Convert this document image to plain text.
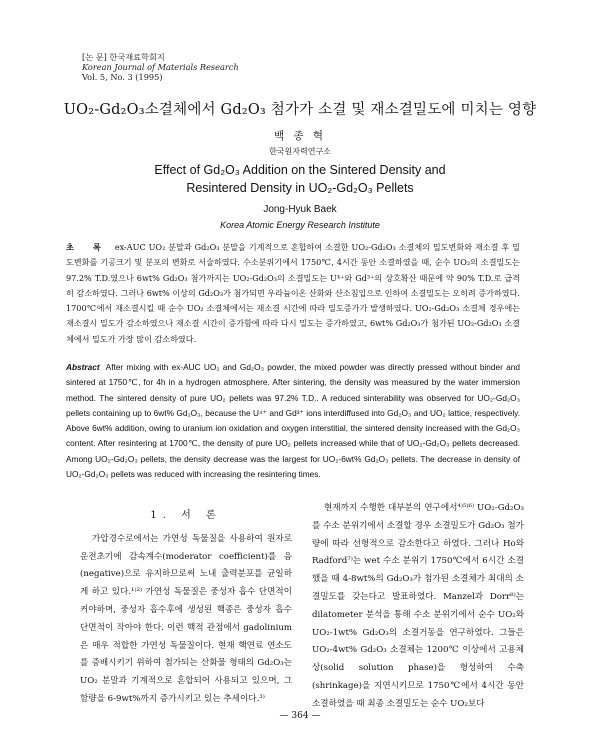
[논 문] 한국재료학회지
Korean Journal of Materials Research
Vol. 5, No. 3 (1995)
UO₂-Gd₂O₃소결체에서 Gd₂O₃ 첨가가 소결 및 재소결밀도에 미치는 영향
백 종 혁
한국원자력연구소
Effect of Gd₂O₃ Addition on the Sintered Density and
Resintered Density in UO₂-Gd₂O₃ Pellets
Jong-Hyuk Baek
Korea Atomic Energy Research Institute
초 록 ex-AUC UO₂ 분말과 Gd₂O₃ 분말을 기계적으로 혼합하여 소결한 UO₂-Gd₂O₃ 소결체의 밀도변화와 재소결 후 밀도변화를 기공크기 및 분포의 변화로 서술하였다. 수소분위기에서 1750℃, 4시간 동안 소결하였을 때, 순수 UO₂의 소결밀도는 97.2% T.D.였으나 6wt% Gd₂O₃ 첨가까지는 UO₂-Gd₂O₃의 소결밀도는 U⁴⁺와 Gd³⁺의 상호확산 때문에 약 90% T.D.로 급격히 감소하였다. 그러나 6wt% 이상의 Gd₂O₃가 첨가되면 우라늄이온 산화와 산소침입으로 인하여 소결밀도는 오히려 증가하였다. 1700℃에서 재소결시킬 때 순수 UO₂ 소결체에서는 재소결 시간에 따라 밀도증가가 발생하였다. UO₂-Gd₂O₃ 소결체 경우에는 재소결시 밀도가 감소하였으나 재소결 시간이 증가함에 따라 다시 밀도는 증가하였고, 6wt% Gd₂O₃가 첨가된 UO₂-Gd₂O₃ 소결체에서 밀도가 가장 많이 감소하였다.
Abstract After mixing with ex-AUC UO₂ and Gd₂O₃ powder, the mixed powder was directly pressed without binder and sintered at 1750℃, for 4h in a hydrogen atmosphere. After sintering, the density was measured by the water immersion method. The sintered density of pure UO₂ pellets was 97.2% T.D.. A reduced sinterability was observed for UO₂-Gd₂O₃ pellets containing up to 6wt% Gd₂O₃, because the U⁴⁺ and Gd³⁺ ions interdiffused into Gd₂O₃ and UO₂ lattice, respectively. Above 6wt% addition, owing to uranium ion oxidation and oxygen interstitial, the sintered density increased with the Gd₂O₃ content. After resintering at 1700℃, the density of pure UO₂ pellets increased while that of UO₂-Gd₂O₃ pellets decreased. Among UO₂-Gd₂O₃ pellets, the density decrease was the largest for UO₂-6wt% Gd₂O₃ pellets. The decrease in density of UO₂-Gd₂O₃ pellets was reduced with increasing the resintering times.
1. 서 론

가압경수로에서는 가연성 독물질을 사용하여 원자로 운전초기에 감속계수(moderator coefficient)를 음(negative)으로 유지하므로써 노내 출력분포를 균일하게 하고 있다.¹⁾²⁾ 가연성 독물질은 중성자 흡수 단면적이 커야하며, 중성자 흡수후에 생성된 핵종은 중성자 흡수 단면적이 작아야 한다. 이런 핵적 관점에서 gadolinium은 매우 적합한 가연성 독물질이다. 현재 핵연료 연소도를 증배시키기 위하여 첨가되는 산화물 형태의 Gd₂O₃는 UO₂ 분말과 기계적으로 혼합되어 사용되고 있으며, 그 함량을 6-9wt%까지 증가시키고 있는 추세이다.³⁾

현재까지 수행한 대부분의 연구에서⁴⁾⁵⁾⁶⁾ UO₂-Gd₂O₃를 수소 분위기에서 소결할 경우 소결밀도가 Gd₂O₃ 첨가량에 따라 선형적으로 감소한다고 하였다. 그러나 Ho와 Radford⁷⁾는 wet 수소 분위기 1750℃에서 6시간 소결했을 때 4-8wt%의 Gd₂O₃가 첨가된 소결체가 최대의 소결밀도를 갖는다고 발표하였다. Manzel과 Dorr⁸⁾는 dilatometer 분석을 통해 수소 분위기에서 순수 UO₂와 UO₂-1wt% Gd₂O₃의 소결거동을 연구하였다. 그들은 UO₂-4wt% Gd₂O₃ 소결체는 1200℃ 이상에서 고용체상(solid solution phase)을 형성하여 수축(shrinkage)을 지연시키므로 1750℃에서 4시간 동안 소결하였을 때 최종 소결밀도는 순수 UO₂보다

— 364 —
